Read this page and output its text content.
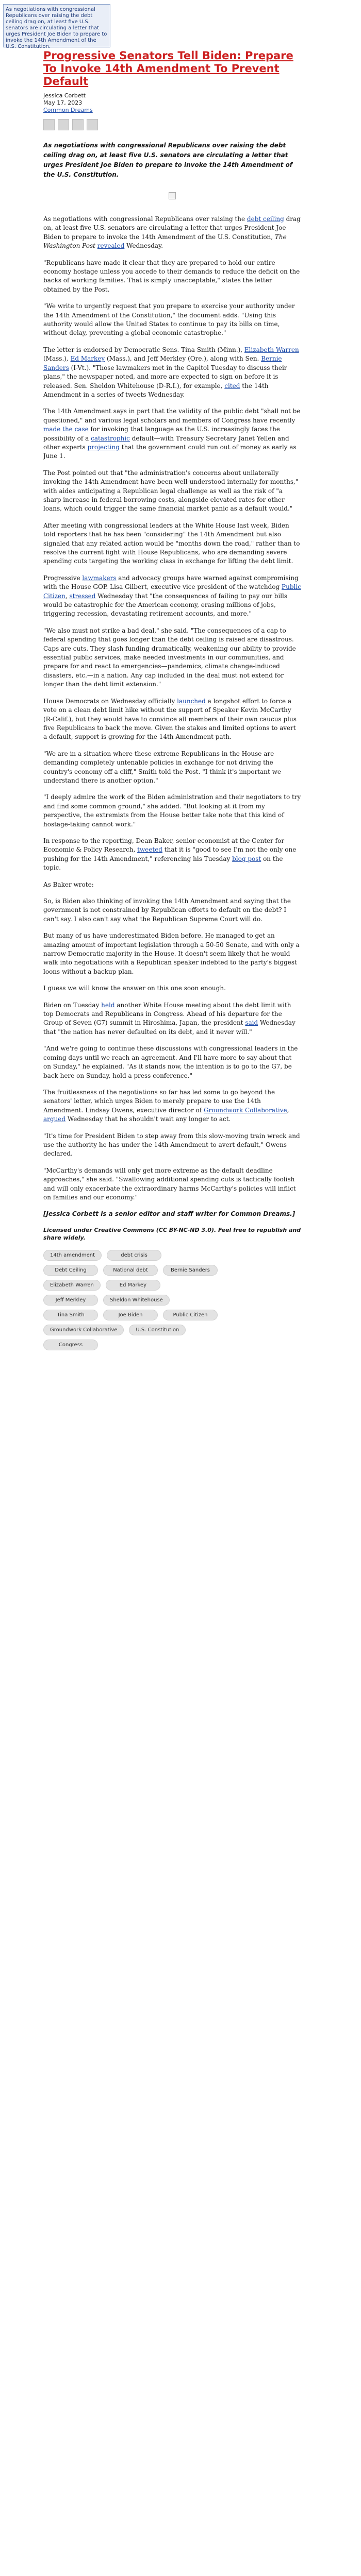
As negotiations with congressional Republicans over raising the debt ceiling drag on, at least five U.S. senators are circulating a letter that urges President Joe Biden to prepare to invoke the 14th Amendment of the U.S. Constitution.

Progressive Senators Tell Biden: Prepare To Invoke 14th Amendment To Prevent Default

Jessica Corbett

May 17, 2023

Common Dreams

As negotiations with congressional Republicans over raising the debt ceiling drag on, at least five U.S. senators are circulating a letter that urges President Joe Biden to prepare to invoke the 14th Amendment of the U.S. Constitution.

As negotiations with congressional Republicans over raising the debt ceiling drag on, at least five U.S. senators are circulating a letter that urges President Joe Biden to prepare to invoke the 14th Amendment of the U.S. Constitution, The Washington Post revealed Wednesday.

"Republicans have made it clear that they are prepared to hold our entire economy hostage unless you accede to their demands to reduce the deficit on the backs of working families. That is simply unacceptable," states the letter obtained by the Post.

"We write to urgently request that you prepare to exercise your authority under the 14th Amendment of the Constitution," the document adds. "Using this authority would allow the United States to continue to pay its bills on time, without delay, preventing a global economic catastrophe."

The letter is endorsed by Democratic Sens. Tina Smith (Minn.), Elizabeth Warren (Mass.), Ed Markey (Mass.), and Jeff Merkley (Ore.), along with Sen. Bernie Sanders (I-Vt.). "Those lawmakers met in the Capitol Tuesday to discuss their plans," the newspaper noted, and more are expected to sign on before it is released. Sen. Sheldon Whitehouse (D-R.I.), for example, cited the 14th Amendment in a series of tweets Wednesday.

The 14th Amendment says in part that the validity of the public debt "shall not be questioned," and various legal scholars and members of Congress have recently made the case for invoking that language as the U.S. increasingly faces the possibility of a catastrophic default—with Treasury Secretary Janet Yellen and other experts projecting that the government could run out of money as early as June 1.

The Post pointed out that "the administration's concerns about unilaterally invoking the 14th Amendment have been well-understood internally for months," with aides anticipating a Republican legal challenge as well as the risk of "a sharp increase in federal borrowing costs, alongside elevated rates for other loans, which could trigger the same financial market panic as a default would."

After meeting with congressional leaders at the White House last week, Biden told reporters that he has been "considering" the 14th Amendment but also signaled that any related action would be "months down the road," rather than to resolve the current fight with House Republicans, who are demanding severe spending cuts targeting the working class in exchange for lifting the debt limit.

Progressive lawmakers and advocacy groups have warned against compromising with the House GOP. Lisa Gilbert, executive vice president of the watchdog Public Citizen, stressed Wednesday that "the consequences of failing to pay our bills would be catastrophic for the American economy, erasing millions of jobs, triggering recession, devastating retirement accounts, and more."

"We also must not strike a bad deal," she said. "The consequences of a cap to federal spending that goes longer than the debt ceiling is raised are disastrous. Caps are cuts. They slash funding dramatically, weakening our ability to provide essential public services, make needed investments in our communities, and prepare for and react to emergencies—pandemics, climate change-induced disasters, etc.—in a nation. Any cap included in the deal must not extend for longer than the debt limit extension."

House Democrats on Wednesday officially launched a longshot effort to force a vote on a clean debt limit hike without the support of Speaker Kevin McCarthy (R-Calif.), but they would have to convince all members of their own caucus plus five Republicans to back the move. Given the stakes and limited options to avert a default, support is growing for the 14th Amendment path.

"We are in a situation where these extreme Republicans in the House are demanding completely untenable policies in exchange for not driving the country's economy off a cliff," Smith told the Post. "I think it's important we understand there is another option."

"I deeply admire the work of the Biden administration and their negotiators to try and find some common ground," she added. "But looking at it from my perspective, the extremists from the House better take note that this kind of hostage-taking cannot work."

In response to the reporting, Dean Baker, senior economist at the Center for Economic & Policy Research, tweeted that it is "good to see I'm not the only one pushing for the 14th Amendment," referencing his Tuesday blog post on the topic.

As Baker wrote:

So, is Biden also thinking of invoking the 14th Amendment and saying that the government is not constrained by Republican efforts to default on the debt? I can't say. I also can't say what the Republican Supreme Court will do.

But many of us have underestimated Biden before. He managed to get an amazing amount of important legislation through a 50-50 Senate, and with only a narrow Democratic majority in the House. It doesn't seem likely that he would walk into negotiations with a Republican speaker indebted to the party's biggest loons without a backup plan.

I guess we will know the answer on this one soon enough.

Biden on Tuesday held another White House meeting about the debt limit with top Democrats and Republicans in Congress. Ahead of his departure for the Group of Seven (G7) summit in Hiroshima, Japan, the president said Wednesday that "the nation has never defaulted on its debt, and it never will."

"And we're going to continue these discussions with congressional leaders in the coming days until we reach an agreement. And I'll have more to say about that on Sunday," he explained. "As it stands now, the intention is to go to the G7, be back here on Sunday, hold a press conference."

The fruitlessness of the negotiations so far has led some to go beyond the senators' letter, which urges Biden to merely prepare to use the 14th Amendment. Lindsay Owens, executive director of Groundwork Collaborative, argued Wednesday that he shouldn't wait any longer to act.

"It's time for President Biden to step away from this slow-moving train wreck and use the authority he has under the 14th Amendment to avert default," Owens declared.

"McCarthy's demands will only get more extreme as the default deadline approaches," she said. "Swallowing additional spending cuts is tactically foolish and will only exacerbate the extraordinary harms McCarthy's policies will inflict on families and our economy."

[Jessica Corbett is a senior editor and staff writer for Common Dreams.]

Licensed under Creative Commons (CC BY-NC-ND 3.0). Feel free to republish and share widely.

14th amendment	debt crisis
Debt Ceiling	National debt	Bernie Sanders
Elizabeth Warren	Ed Markey
Jeff Merkley	Sheldon Whitehouse
Tina Smith	Joe Biden	Public Citizen
Groundwork Collaborative	U.S. Constitution
Congress
